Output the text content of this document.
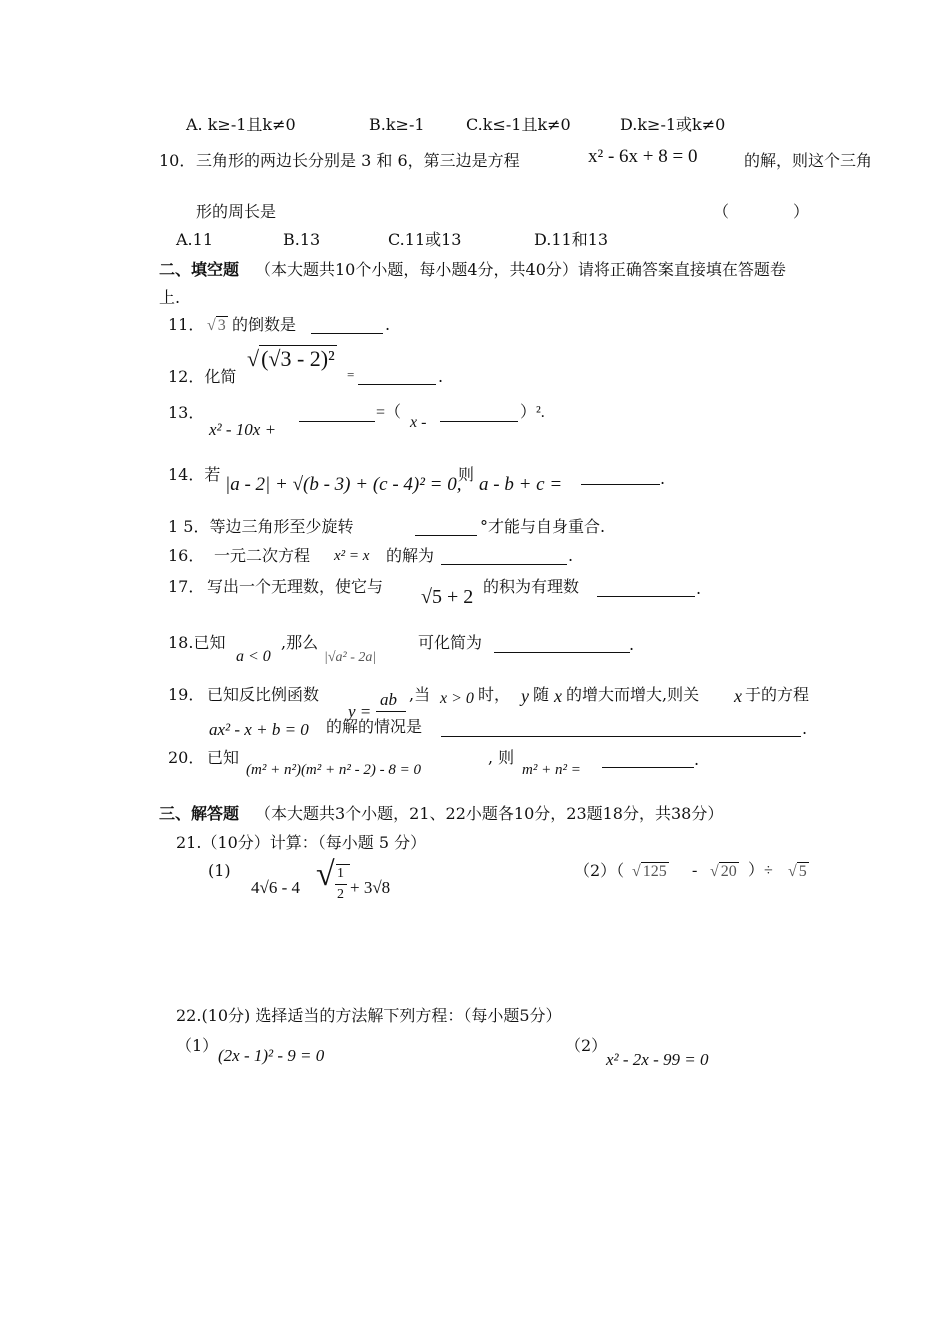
A. k≥-1且k≠0	B.k≥-1	C.k≤-1且k≠0	D.k≥-1或k≠0
10． 三角形的两边长分别是 3 和 6，第三边是方程	x² - 6x + 8 = 0	的解，则这个三角
形的周长是	（　　　　）
A.11	B.13	C.11或13	D.11和13
二、填空题 （本大题共10个小题，每小题4分，共40分）请将正确答案直接填在答题卷
上.
11． √ 3 的倒数是	.
12．化简
√(√3 - 2)²
=	.
13．
x² - 10x +
=（
x -
）².
14．若 |a - 2| + √(b - 3) + (c - 4)² = 0,
则 a - b + c =	.
1 5．等边三角形至少旋转	°才能与自身重合.
16． 一元二次方程 x² = x 的解为	.
17． 写出一个无理数，使它与 √5 + 2 的积为有理数	.
18.已知
a < 0
,那么
|√a² - 2a|
可化简为	.
19． 已知反比例函数
y =
ab ,当 x > 0 时， y 随 x 的增大而增大,则关 x 于的方程
ax² - x + b = 0 的解的情况是	.
20． 已知
(m² + n²)(m² + n² - 2) - 8 = 0
, 则
m² + n² =
.
三、解答题 （本大题共3个小题，21、22小题各10分，23题18分，共38分）
21.（10分）计算：（每小题 5 分）
(1)
4√6 - 4 √ 1
2 + 3√8
（2）（ √ 125 - √ 20 ）÷ √ 5
22.(10分) 选择适当的方法解下列方程：（每小题5分）
（1）
(2x - 1)² - 9 = 0
（2）
x² - 2x - 99 = 0
